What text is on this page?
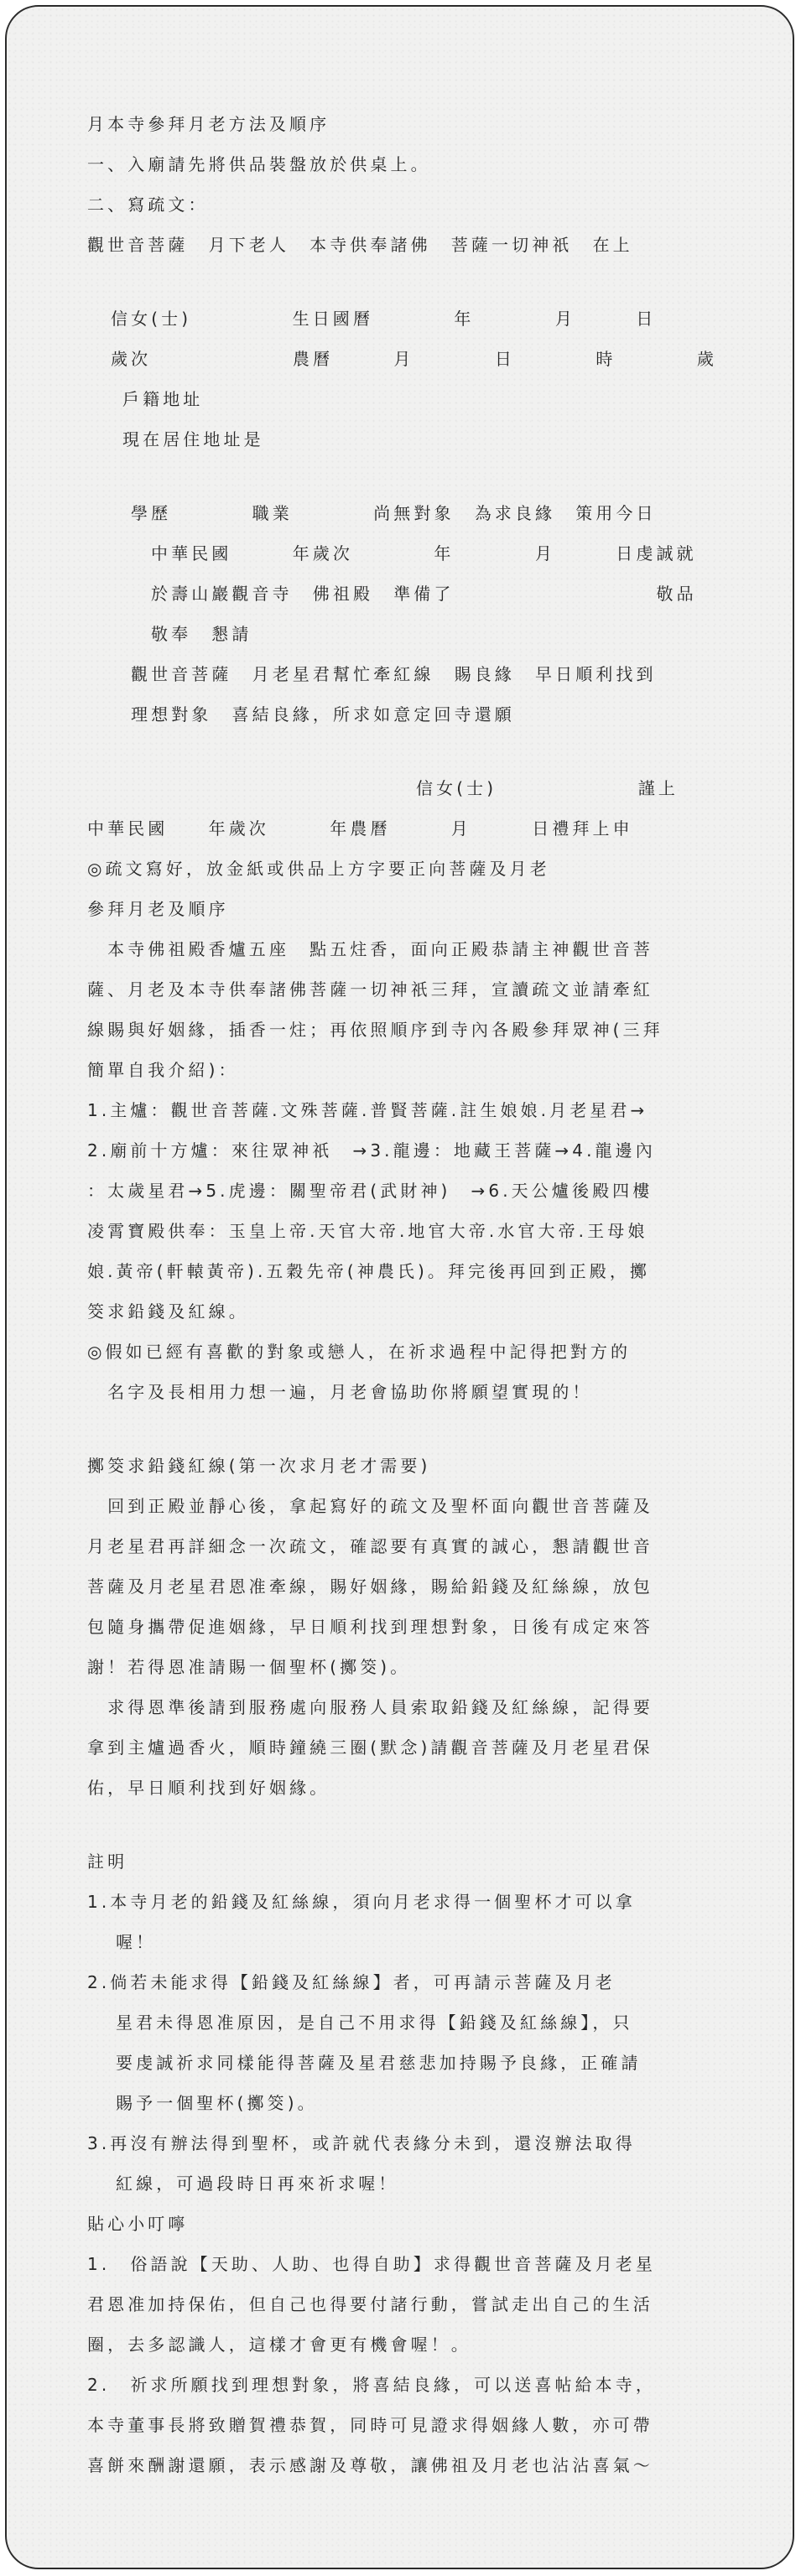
月本寺參拜月老方法及順序

一、入廟請先將供品裝盤放於供桌上。

二、寫疏文：

觀世音菩薩　月下老人　本寺供奉諸佛　菩薩一切神祇　在上

信女(士)　　　　　生日國曆　　　　年　　　　月　　　日

歲次　　　　　　　農曆　　　月　　　　日　　　　時　　　　歲

戶籍地址

現在居住地址是

學歷　　　　職業　　　　尚無對象　為求良緣　策用今日

中華民國　　　年歲次　　　　年　　　　月　　　日虔誠就

於壽山巖觀音寺　佛祖殿　準備了　　　　　　　　　　敬品

敬奉　懇請

觀世音菩薩　月老星君幫忙牽紅線　賜良緣　早日順利找到

理想對象　喜結良緣，所求如意定回寺還願

信女(士)　　　　　　　謹上

中華民國　　年歲次　　　年農曆　　　月　　　日禮拜上申

◎疏文寫好，放金紙或供品上方字要正向菩薩及月老

參拜月老及順序

　本寺佛祖殿香爐五座　點五炷香，面向正殿恭請主神觀世音菩

薩、月老及本寺供奉諸佛菩薩一切神祇三拜，宣讀疏文並請牽紅

線賜與好姻緣，插香一炷；再依照順序到寺內各殿參拜眾神(三拜

簡單自我介紹)：

1.主爐：觀世音菩薩.文殊菩薩.普賢菩薩.註生娘娘.月老星君→

2.廟前十方爐：來往眾神祇　→3.龍邊：地藏王菩薩→4.龍邊內

：太歲星君→5.虎邊：關聖帝君(武財神)　→6.天公爐後殿四樓

凌霄寶殿供奉：玉皇上帝.天官大帝.地官大帝.水官大帝.王母娘

娘.黃帝(軒轅黃帝).五穀先帝(神農氏)。拜完後再回到正殿，擲

筊求鉛錢及紅線。

◎假如已經有喜歡的對象或戀人，在祈求過程中記得把對方的

　名字及長相用力想一遍，月老會協助你將願望實現的！

擲筊求鉛錢紅線(第一次求月老才需要)

　回到正殿並靜心後，拿起寫好的疏文及聖杯面向觀世音菩薩及

月老星君再詳細念一次疏文，確認要有真實的誠心，懇請觀世音

菩薩及月老星君恩准牽線，賜好姻緣，賜給鉛錢及紅絲線，放包

包隨身攜帶促進姻緣，早日順利找到理想對象，日後有成定來答

謝！若得恩准請賜一個聖杯(擲筊)。

　求得恩準後請到服務處向服務人員索取鉛錢及紅絲線，記得要

拿到主爐過香火，順時鐘繞三圈(默念)請觀音菩薩及月老星君保

佑，早日順利找到好姻緣。

註明

1.本寺月老的鉛錢及紅絲線，須向月老求得一個聖杯才可以拿

喔！

2.倘若未能求得【鉛錢及紅絲線】者，可再請示菩薩及月老

星君未得恩准原因，是自己不用求得【鉛錢及紅絲線】，只

要虔誠祈求同樣能得菩薩及星君慈悲加持賜予良緣，正確請

賜予一個聖杯(擲筊)。

3.再沒有辦法得到聖杯，或許就代表緣分未到，還沒辦法取得

紅線，可過段時日再來祈求喔！

貼心小叮嚀

1.　俗語說【天助、人助、也得自助】求得觀世音菩薩及月老星

君恩准加持保佑，但自己也得要付諸行動，嘗試走出自己的生活

圈，去多認識人，這樣才會更有機會喔！。

2.　祈求所願找到理想對象，將喜結良緣，可以送喜帖給本寺，

本寺董事長將致贈賀禮恭賀，同時可見證求得姻緣人數，亦可帶

喜餅來酬謝還願，表示感謝及尊敬，讓佛祖及月老也沾沾喜氣～
